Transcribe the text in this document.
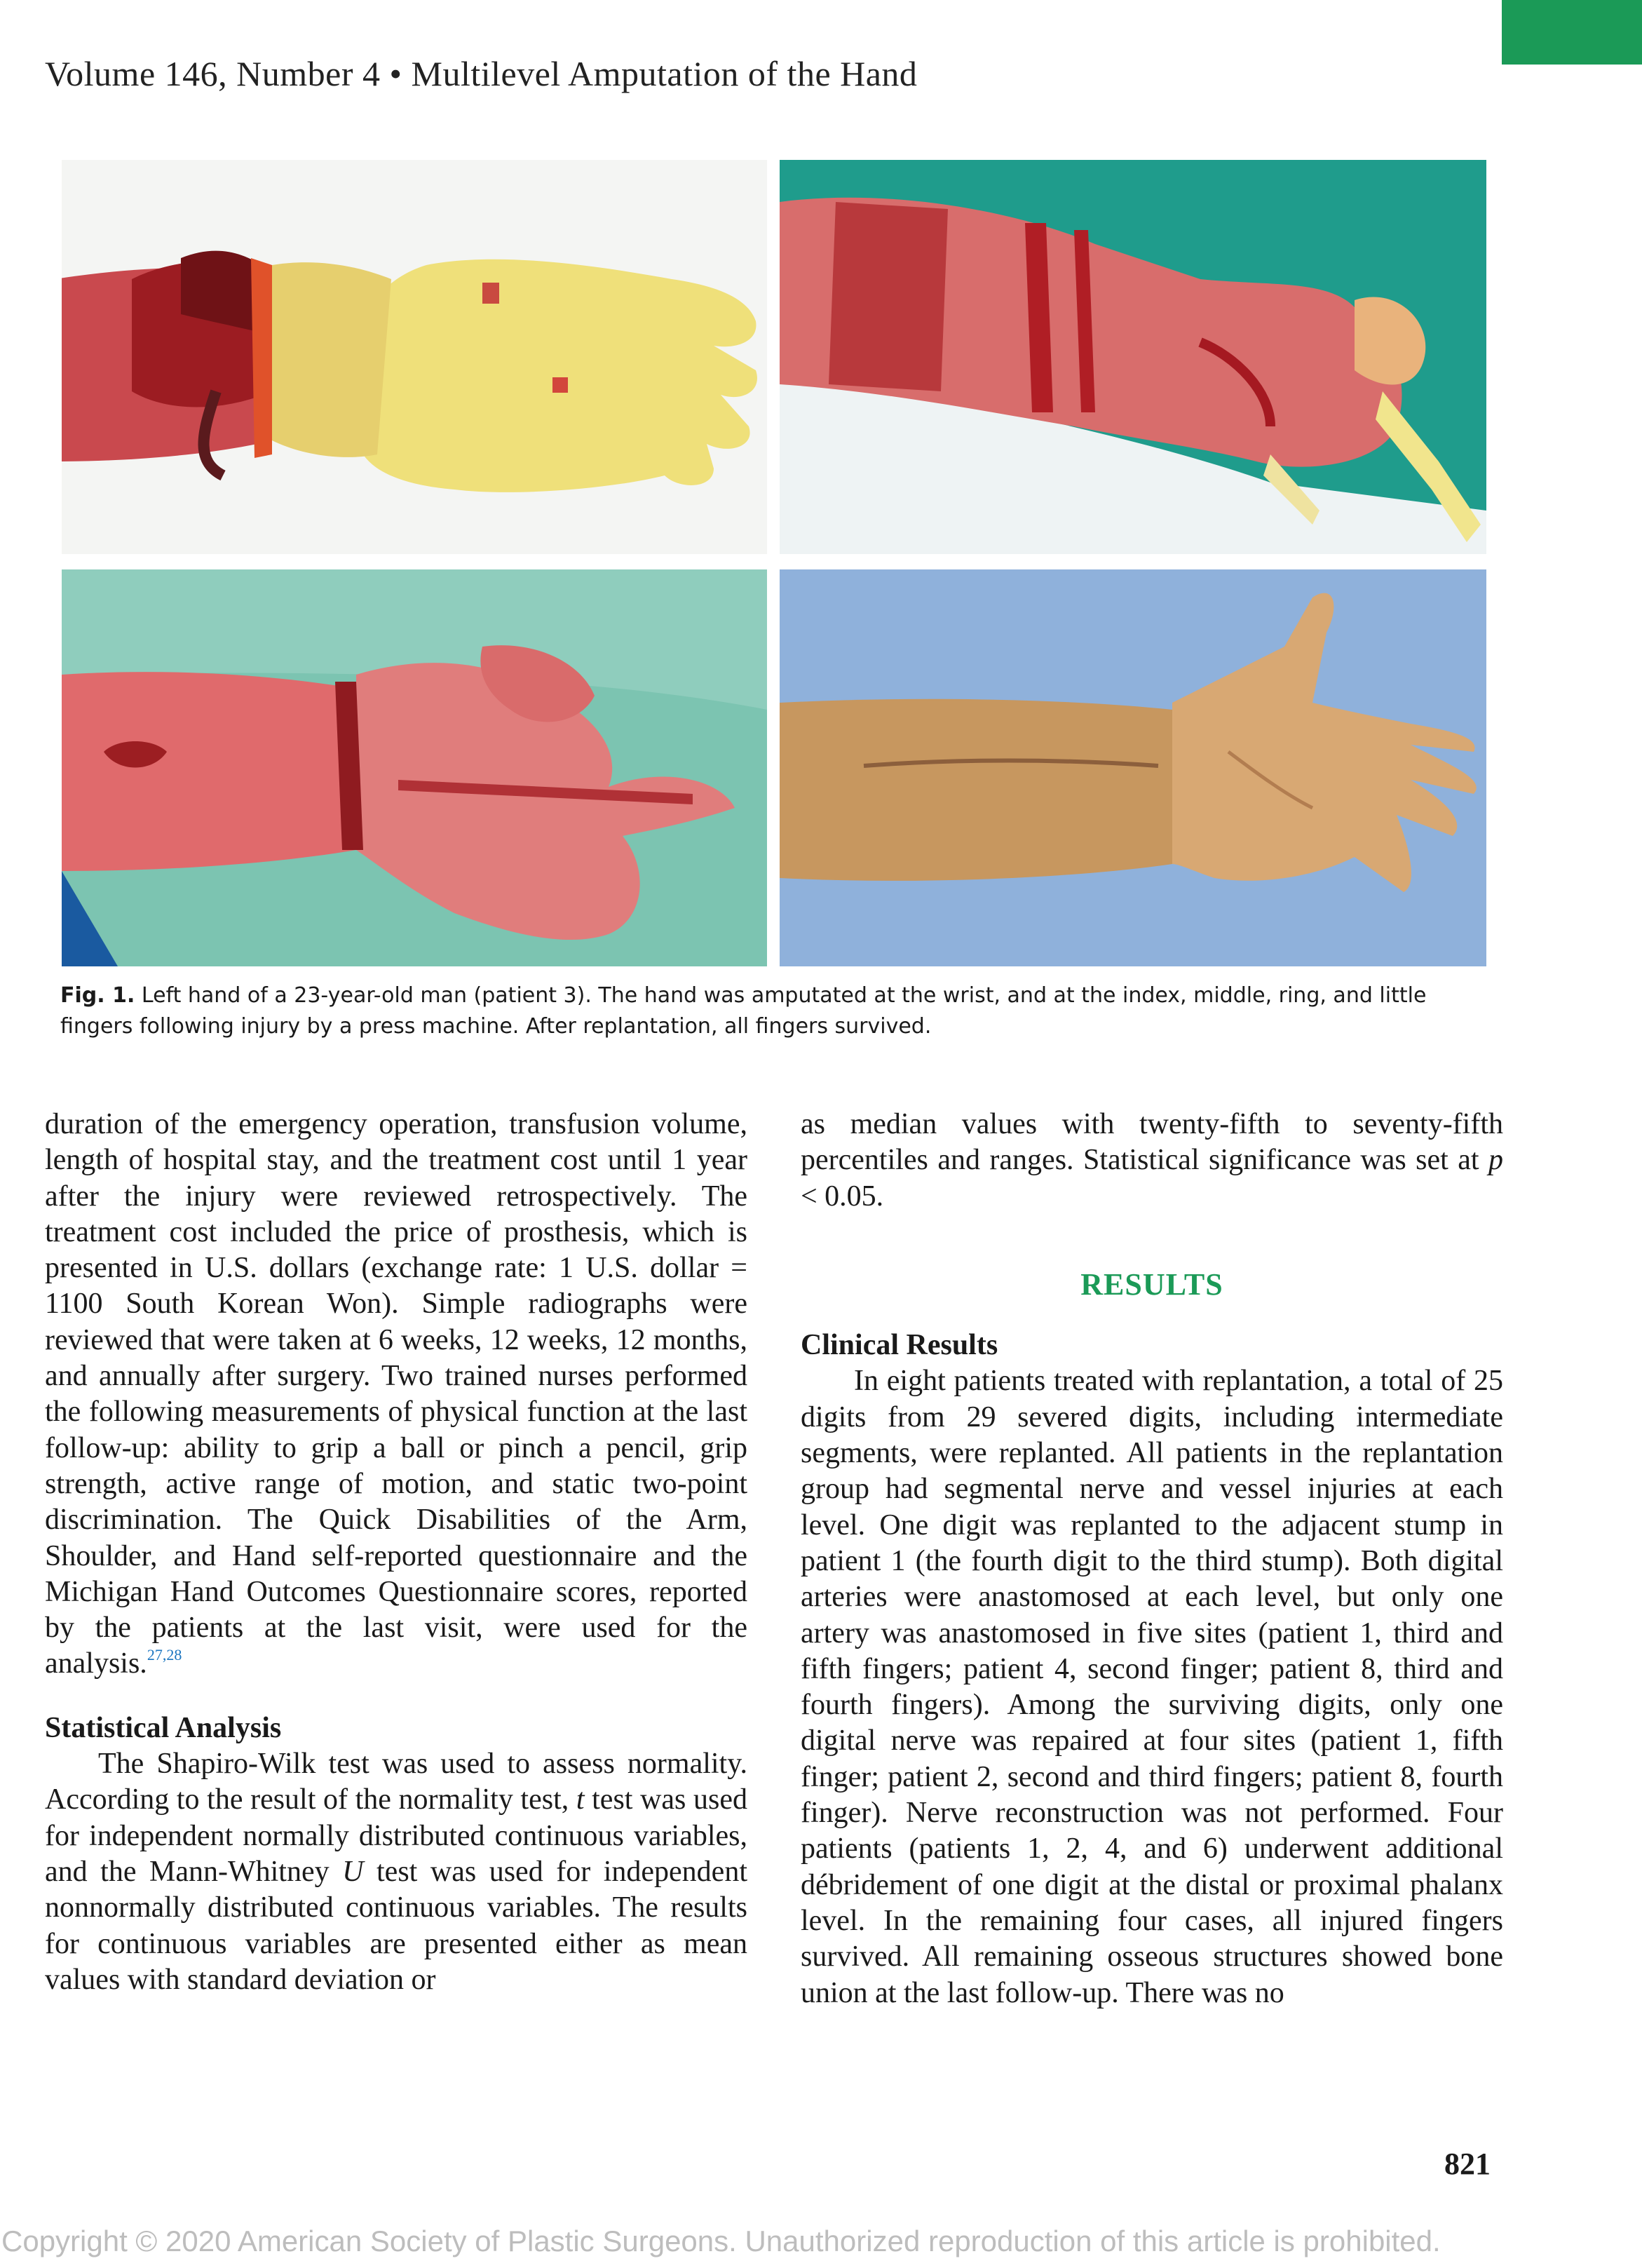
Volume 146, Number 4 • Multilevel Amputation of the Hand
Fig. 1. Left hand of a 23-year-old man (patient 3). The hand was amputated at the wrist, and at the index, middle, ring, and little fingers following injury by a press machine. After replantation, all fingers survived.

duration of the emergency operation, transfusion volume, length of hospital stay, and the treatment cost until 1 year after the injury were reviewed retrospectively. The treatment cost included the price of prosthesis, which is presented in U.S. dollars (exchange rate: 1 U.S. dollar = 1100 South Korean Won). Simple radiographs were reviewed that were taken at 6 weeks, 12 weeks, 12 months, and annually after surgery. Two trained nurses performed the following measurements of physical function at the last follow-up: ability to grip a ball or pinch a pencil, grip strength, active range of motion, and static two-point discrimination. The Quick Disabilities of the Arm, Shoulder, and Hand self-reported questionnaire and the Michigan Hand Outcomes Questionnaire scores, reported by the patients at the last visit, were used for the analysis.$^{27,28}$

Statistical Analysis

The Shapiro-Wilk test was used to assess normality. According to the result of the normality test, t test was used for independent normally distributed continuous variables, and the Mann-Whitney U test was used for independent nonnormally distributed continuous variables. The results for continuous variables are presented either as mean values with standard deviation or

as median values with twenty-fifth to seventy-fifth percentiles and ranges. Statistical significance was set at p < 0.05.

RESULTS

Clinical Results

In eight patients treated with replantation, a total of 25 digits from 29 severed digits, including intermediate segments, were replanted. All patients in the replantation group had segmental nerve and vessel injuries at each level. One digit was replanted to the adjacent stump in patient 1 (the fourth digit to the third stump). Both digital arteries were anastomosed at each level, but only one artery was anastomosed in five sites (patient 1, third and fifth fingers; patient 4, second finger; patient 8, third and fourth fingers). Among the surviving digits, only one digital nerve was repaired at four sites (patient 1, fifth finger; patient 2, second and third fingers; patient 8, fourth finger). Nerve reconstruction was not performed. Four patients (patients 1, 2, 4, and 6) underwent additional débridement of one digit at the distal or proximal phalanx level. In the remaining four cases, all injured fingers survived. All remaining osseous structures showed bone union at the last follow-up. There was no

821
Copyright © 2020 American Society of Plastic Surgeons. Unauthorized reproduction of this article is prohibited.
